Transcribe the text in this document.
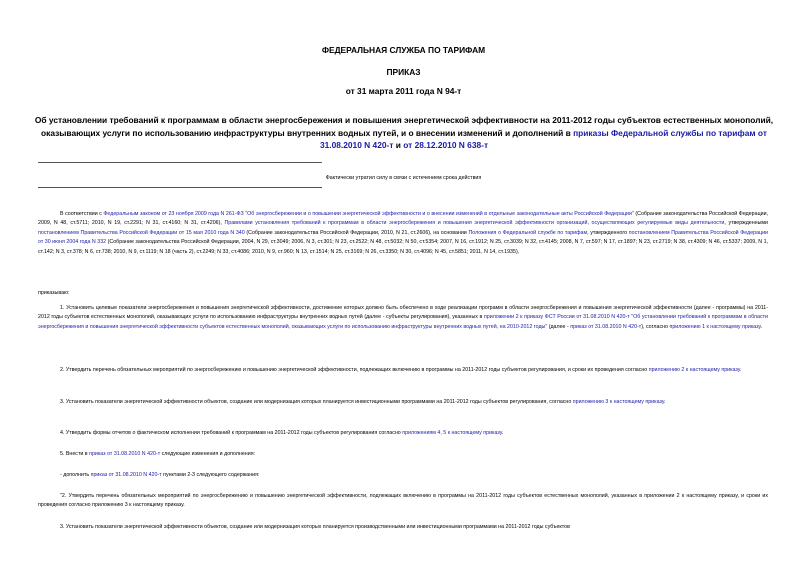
ФЕДЕРАЛЬНАЯ СЛУЖБА ПО ТАРИФАМ
ПРИКАЗ
от 31 марта 2011 года N 94-т
Об установлении требований к программам в области энергосбережения и повышения энергетической эффективности на 2011-2012 годы субъектов естественных монополий, оказывающих услуги по использованию инфраструктуры внутренних водных путей, и о внесении изменений и дополнений в приказы Федеральной службы по тарифам от 31.08.2010 N 420-т и от 28.12.2010 N 638-т
Фактически утратил силу в связи с истечением срока действия
В соответствии с Федеральным законом от 23 ноября 2009 года N 261-ФЗ "Об энергосбережении и о повышении энергетической эффективности и о внесении изменений в отдельные законодательные акты Российской Федерации" (Собрание законодательства Российской Федерации, 2009, N 48, ст.5711; 2010, N 19, ст.2291; N 31, ст.4160; N 31, ст.4206), Правилами установления требований к программам в области энергосбережения и повышения энергетической эффективности организаций, осуществляющих регулируемые виды деятельности, утвержденными постановлением Правительства Российской Федерации от 15 мая 2010 года N 340 (Собрание законодательства Российской Федерации, 2010, N 21, ст.2606), на основании Положения о Федеральной службе по тарифам, утвержденного постановлением Правительства Российской Федерации от 30 июня 2004 года N 332 (Собрание законодательства Российской Федерации, 2004, N 29, ст.3049; 2006, N 3, ст.301; N 23, ст.2522; N 48, ст.5032; N 50, ст.5354; 2007, N 16, ст.1912; N 25, ст.3039; N 32, ст.4145; 2008, N 7, ст.597; N 17, ст.1897; N 23, ст.2719; N 38, ст.4309; N 46, ст.5337; 2009, N 1, ст.142; N 3, ст.378; N 6, ст.738; 2010, N 9, ст.1119; N 18 (часть 2), ст.2249; N 33, ст.4086; 2010, N 9, ст.960; N 13, ст.1514; N 25, ст.3169; N 26, ст.3350; N 30, ст.4096; N 45, ст.5851; 2011, N 14, ст.1935),
приказываю:
1. Установить целевые показатели энергосбережения и повышения энергетической эффективности, достижение которых должно быть обеспечено в ходе реализации программ в области энергосбережения и повышения энергетической эффективности (далее - программы) на 2011-2012 годы субъектов естественных монополий, оказывающих услуги по использованию инфраструктуры внутренних водных путей (далее - субъекты регулирования), указанных в приложении 2 к приказу ФСТ России от 31.08.2010 N 420-т "Об установлении требований к программам в области энергосбережения и повышения энергетической эффективности субъектов естественных монополий, оказывающих услуги по использованию инфраструктуры внутренних водных путей, на 2010-2012 годы" (далее - приказ от 31.08.2010 N 420-т), согласно приложению 1 к настоящему приказу.
2. Утвердить перечень обязательных мероприятий по энергосбережению и повышению энергетической эффективности, подлежащих включению в программы на 2011-2012 годы субъектов регулирования, и сроки их проведения согласно приложению 2 к настоящему приказу.
3. Установить показатели энергетической эффективности объектов, создание или модернизация которых планируется инвестиционными программами на 2011-2012 годы субъектов регулирования, согласно приложению 3 к настоящему приказу.
4. Утвердить формы отчетов о фактическом исполнении требований к программам на 2011-2012 годы субъектов регулирования согласно приложениям 4, 5 к настоящему приказу.
5. Внести в приказ от 31.08.2010 N 420-т следующие изменения и дополнения:
- дополнить приказ от 31.08.2010 N 420-т пунктами 2-3 следующего содержания:
"2. Утвердить перечень обязательных мероприятий по энергосбережению и повышению энергетической эффективности, подлежащих включению в программы на 2011-2012 годы субъектов естественных монополий, указанных в приложении 2 к настоящему приказу, и сроки их проведения согласно приложению 3 к настоящему приказу.
3. Установить показатели энергетической эффективности объектов, создание или модернизация которых планируется производственными или инвестиционными программами на 2011-2012 годы субъектов
